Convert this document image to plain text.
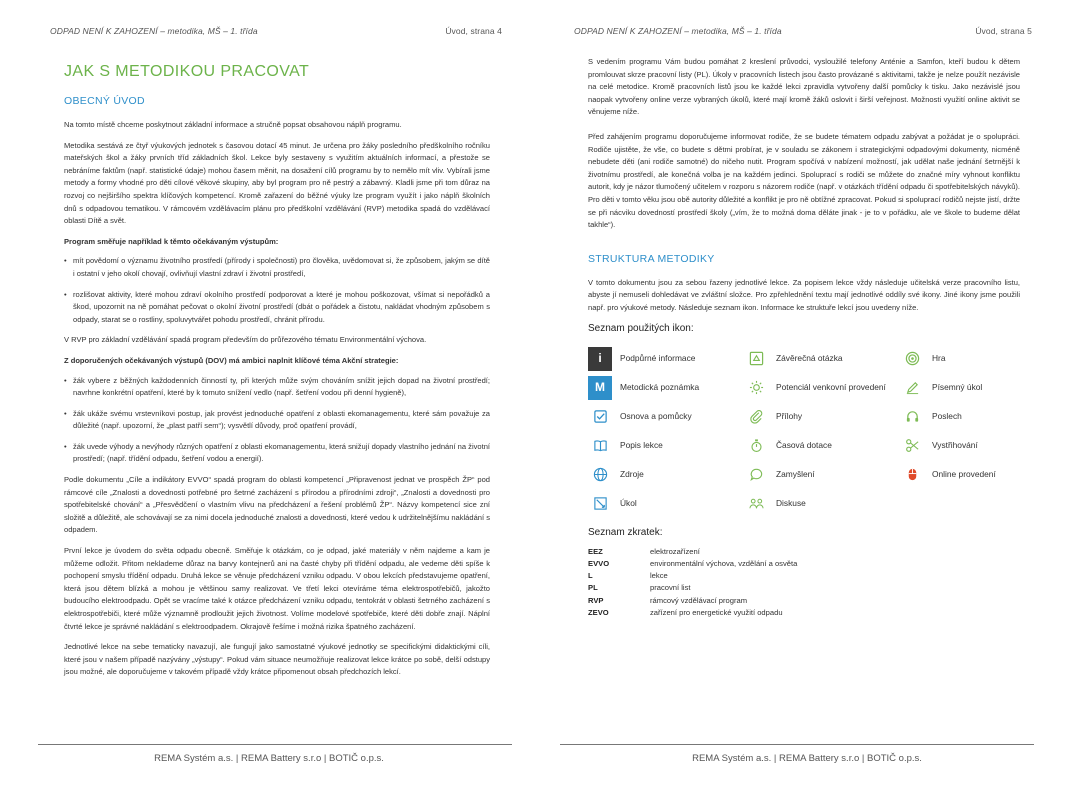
ODPAD NENÍ K ZAHOZENÍ – metodika, MŠ – 1. třída	Úvod, strana 4
JAK S METODIKOU PRACOVAT
OBECNÝ ÚVOD
Na tomto místě chceme poskytnout základní informace a stručně popsat obsahovou náplň programu.
Metodika sestává ze čtyř výukových jednotek s časovou dotací 45 minut. Je určena pro žáky posledního předškolního ročníku mateřských škol a žáky prvních tříd základních škol. Lekce byly sestaveny s využitím aktuálních informací, a přestože se nebráníme faktům (např. statistické údaje) mohou časem měnit, na dosažení cílů programu by to nemělo mít vliv. Vybírali jsme metody a formy vhodné pro děti cílové věkové skupiny, aby byl program pro ně pestrý a zábavný. Kladli jsme při tom důraz na rozvoj co nejširšího spektra klíčových kompetencí. Kromě zařazení do běžné výuky lze program využít i jako náplň školních dnů s odpadovou tematikou. V rámcovém vzdělávacím plánu pro předškolní vzdělávání (RVP) metodika spadá do vzdělávací oblasti Dítě a svět.
Program směřuje například k těmto očekávaným výstupům:
• mít povědomí o významu životního prostředí (přírody i společnosti) pro člověka, uvědomovat si, že způsobem, jakým se dítě i ostatní v jeho okolí chovají, ovlivňují vlastní zdraví i životní prostředí,
• rozlišovat aktivity, které mohou zdraví okolního prostředí podporovat a které je mohou poškozovat, všímat si nepořádků a škod, upozornit na ně pomáhat pečovat o okolní životní prostředí (dbát o pořádek a čistotu, nakládat vhodným způsobem s odpady, starat se o rostliny, spoluvytvářet pohodu prostředí, chránit přírodu.
V RVP pro základní vzdělávání spadá program především do průřezového tématu Environmentální výchova.
Z doporučených očekávaných výstupů (DOV) má ambici naplnit klíčové téma Akční strategie:
• žák vybere z běžných každodenních činností ty, při kterých může svým chováním snížit jejich dopad na životní prostředí; navrhne konkrétní opatření, které by k tomuto snížení vedlo (např. šetření vodou při denní hygieně),
• žák ukáže svému vrstevníkovi postup, jak provést jednoduché opatření z oblasti ekomanagementu, které sám považuje za důležité (např. upozorní, že „plast patří sem“); vysvětlí důvody, proč opatření provádí,
• žák uvede výhody a nevýhody různých opatření z oblasti ekomanagementu, která snižují dopady vlastního jednání na životní prostředí; (např. třídění odpadu, šetření vodou a energií).
Podle dokumentu „Cíle a indikátory EVVO“ spadá program do oblasti kompetencí „Připravenost jednat ve prospěch ŽP“ pod rámcové cíle „Znalosti a dovednosti potřebné pro šetrné zacházení s přírodou a přírodními zdroji“, „Znalosti a dovednosti pro spotřebitelské chování“ a „Přesvědčení o vlastním vlivu na předcházení a řešení problémů ŽP“. Názvy kompetencí sice zní složitě a důležitě, ale schovávají se za nimi docela jednoduché znalosti a dovednosti, které vedou k udržitelnějšímu nakládání s odpadem.
První lekce je úvodem do světa odpadu obecně. Směřuje k otázkám, co je odpad, jaké materiály v něm najdeme a kam je můžeme odložit. Přitom neklademe důraz na barvy kontejnerů ani na časté chyby při třídění odpadu, ale vedeme děti spíše k pochopení smyslu třídění odpadu. Druhá lekce se věnuje předcházení vzniku odpadu. V obou lekcích představujeme opatření, která jsou dětem blízká a mohou je většinou samy realizovat. Ve třetí lekci otevíráme téma elektrospotřebičů, jakožto budoucího elektroodpadu. Opět se vracíme také k otázce předcházení vzniku odpadu, tentokrát v oblasti šetrného zacházení s elektrospotřebiči, které může významně prodloužit jejich životnost. Volíme modelové spotřebiče, které děti dobře znají. Náplní čtvrté lekce je správné nakládání s elektroodpadem. Okrajově řešíme i možná rizika špatného zacházení.
Jednotlivé lekce na sebe tematicky navazují, ale fungují jako samostatné výukové jednotky se specifickými didaktickými cíli, které jsou v našem případě nazývány „výstupy“. Pokud vám situace neumožňuje realizovat lekce krátce po sobě, delší odstupy jsou možné, ale doporučujeme v takovém případě vždy krátce připomenout obsah předchozích lekcí.
REMA Systém a.s. | REMA Battery s.r.o | BOTIČ o.p.s.
ODPAD NENÍ K ZAHOZENÍ – metodika, MŠ – 1. třída	Úvod, strana 5
S vedením programu Vám budou pomáhat 2 kreslení průvodci, vysloužilé telefony Anténie a Samfon, kteří budou k dětem promlouvat skrze pracovní listy (PL). Úkoly v pracovních listech jsou často provázané s aktivitami, takže je nelze použít nezávisle na celé metodice. Kromě pracovních listů jsou ke každé lekci zpravidla vytvořeny další pomůcky k tisku. Jako nezávislé jsou naopak vytvořeny online verze vybraných úkolů, které mají kromě žáků oslovit i širší veřejnost. Možnosti využití online aktivit se věnujeme níže.
Před zahájením programu doporučujeme informovat rodiče, že se budete tématem odpadu zabývat a požádat je o spolupráci. Rodiče ujistěte, že vše, co budete s dětmi probírat, je v souladu se zákonem i strategickými odpadovými dokumenty, nicméně nebudete děti (ani rodiče samotné) do ničeho nutit. Program spočívá v nabízení možností, jak udělat naše jednání šetrnější k životnímu prostředí, ale konečná volba je na každém jedinci. Spoluprací s rodiči se můžete do značné míry vyhnout konfliktu autorit, kdy je názor tlumočený učitelem v rozporu s názorem rodiče (např. v otázkách třídění odpadu či spotřebitelských návyků). Pro děti v tomto věku jsou obě autority důležité a konflikt je pro ně obtížné zpracovat. Pokud si spoluprací rodičů nejste jistí, držte se při nácviku dovedností prostředí školy („vím, že to možná doma děláte jinak - je to v pořádku, ale ve škole to budeme dělat takhle“).
STRUKTURA METODIKY
V tomto dokumentu jsou za sebou řazeny jednotlivé lekce. Za popisem lekce vždy následuje učitelská verze pracovního listu, abyste jí nemuseli dohledávat ve zvláštní složce. Pro zpřehlednění textu mají jednotlivé oddíly své ikony. Jiné ikony jsme použili např. pro výukové metody. Následuje seznam ikon. Informace ke struktuře lekcí jsou uvedeny níže.
Seznam použitých ikon:
i	Podpůrné informace	Závěrečná otázka	Hra
M	Metodická poznámka	Potenciál venkovní provedení	Písemný úkol
Osnova a pomůcky	Přílohy	Poslech
Popis lekce	Časová dotace	Vystřihování
Zdroje	Zamyšlení	Online provedení
Úkol	Diskuse
Seznam zkratek:
EEZ	elektrozařízení
EVVO	environmentální výchova, vzdělání a osvěta
L	lekce
PL	pracovní list
RVP	rámcový vzdělávací program
ZEVO	zařízení pro energetické využití odpadu
REMA Systém a.s. | REMA Battery s.r.o | BOTIČ o.p.s.
